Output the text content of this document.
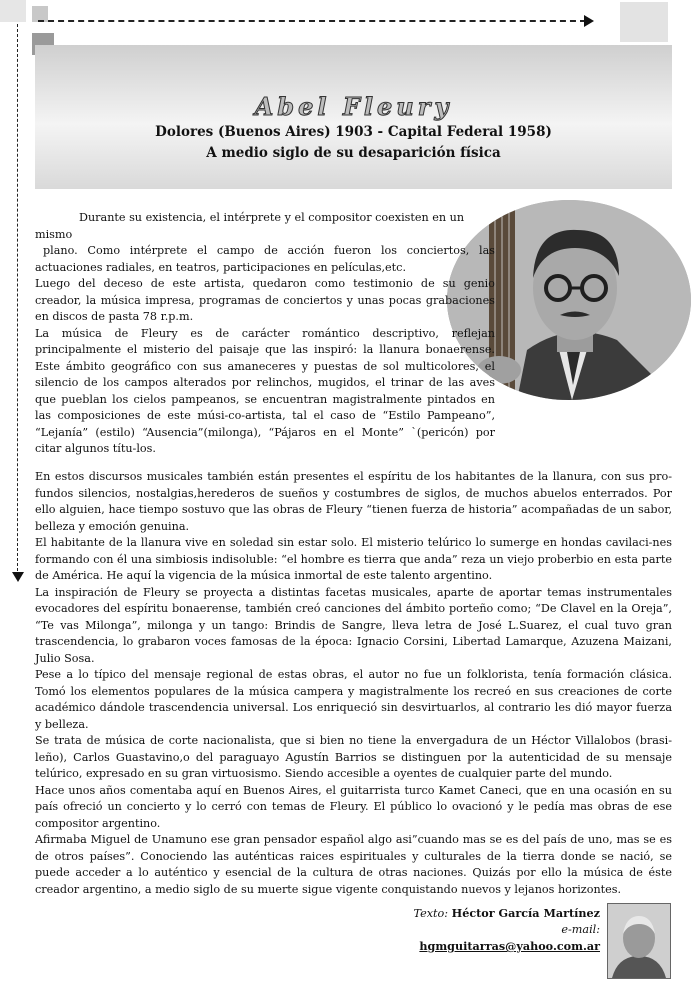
Abel Fleury
Dolores (Buenos Aires) 1903 - Capital Federal 1958)
A medio siglo de su desaparición física

Durante su existencia, el intérprete y el compositor coexisten en un mismo

plano. Como intérprete el campo de acción fueron los conciertos, las actuaciones radiales, en teatros, participaciones en películas,etc.

Luego del deceso de este artista, quedaron como testimonio de su genio creador, la música impresa, programas de conciertos y unas pocas grabaciones en discos de pasta 78 r.p.m.

La música de Fleury es de carácter romántico descriptivo, reflejan principalmente el misterio del paisaje que las inspiró: la llanura bonaerense. Este ámbito geográfico con sus amaneceres y puestas de sol multicolores, el silencio de los campos alterados por relinchos, mugidos, el trinar de las aves que pueblan los cielos pampeanos, se encuentran magistralmente pintados en las composiciones de este músi-co-artista, tal el caso de “Estilo Pampeano”, “Lejanía” (estilo) “Ausencia”(milonga), “Pájaros en el Monte” `(pericón) por citar algunos títu-los.

En estos discursos musicales también están presentes el espíritu de los habitantes de la llanura, con sus pro-fundos silencios, nostalgias,herederos de sueños y costumbres de siglos, de muchos abuelos enterrados. Por ello alguien, hace tiempo sostuvo que las obras de Fleury “tienen fuerza de historia” acompañadas de un sabor, belleza y emoción genuina.

El habitante de la llanura vive en soledad sin estar solo. El misterio telúrico lo sumerge en hondas cavilaci-nes formando con él una simbiosis indisoluble: “el hombre es tierra que anda” reza un viejo proberbio en esta parte de América. He aquí la vigencia de la música inmortal de este talento argentino.

La inspiración de Fleury se proyecta a distintas facetas musicales, aparte de aportar temas instrumentales evocadores del espíritu bonaerense, también creó canciones del ámbito porteño como; “De Clavel en la Oreja”, “Te vas Milonga”, milonga y un tango: Brindis de Sangre, lleva letra de José L.Suarez, el cual tuvo gran trascendencia, lo grabaron voces famosas de la época: Ignacio Corsini, Libertad Lamarque, Azuzena Maizani, Julio Sosa.

Pese a lo típico del mensaje regional de estas obras, el autor no fue un folklorista, tenía formación clásica. Tomó los elementos populares de la música campera y magistralmente los recreó en sus creaciones de corte académico dándole trascendencia universal. Los enriqueció sin desvirtuarlos, al contrario les dió mayor fuerza y belleza.

Se trata de música de corte nacionalista, que si bien no tiene la envergadura de un Héctor Villalobos (brasi-leño), Carlos Guastavino,o del paraguayo Agustín Barrios se distinguen por la autenticidad de su mensaje telúrico, expresado en su gran virtuosismo. Siendo accesible a oyentes de cualquier parte del mundo.

Hace unos años comentaba aquí en Buenos Aires, el guitarrista turco Kamet Caneci, que en una ocasión en su país ofreció un concierto y lo cerró con temas de Fleury. El público lo ovacionó y le pedía mas obras de ese compositor argentino.

Afirmaba Miguel de Unamuno ese gran pensador español algo asi”cuando mas se es del país de uno, mas se es de otros países”. Conociendo las auténticas raices espirituales y culturales de la tierra donde se nació, se puede acceder a lo auténtico y esencial de la cultura de otras naciones. Quizás por ello la música de éste creador argentino, a medio siglo de su muerte sigue vigente conquistando nuevos y lejanos horizontes.

Texto: Héctor García Martínez
e-mail:
hgmguitarras@yahoo.com.ar
